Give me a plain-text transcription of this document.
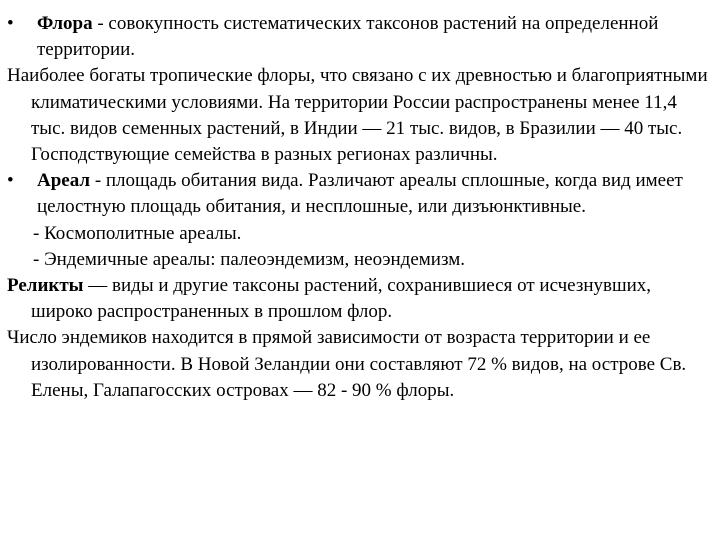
•	Флора - совокупность систематических таксонов растений на определенной территории.

Наиболее богаты тропические флоры, что связано с их древностью и благоприятными климатическими условиями. На территории России распространены менее 11,4 тыс. видов семенных растений, в Индии — 21 тыс. видов, в Бразилии — 40 тыс. Господствующие семейства в разных регионах различны.

•	Ареал - площадь обитания вида. Различают ареалы сплошные, когда вид имеет целостную площадь обитания, и несплошные, или дизъюнктивные.

- Космополитные ареалы.

- Эндемичные ареалы: палеоэндемизм, неоэндемизм.

Реликты — виды и другие таксоны растений, сохранившиеся от исчезнувших, широко распространенных в прошлом флор.

Число эндемиков находится в прямой зависимости от возраста территории и ее изолированности. В Новой Зеландии они составляют 72 % видов, на острове Св. Елены, Галапагосских островах — 82 - 90 % флоры.
